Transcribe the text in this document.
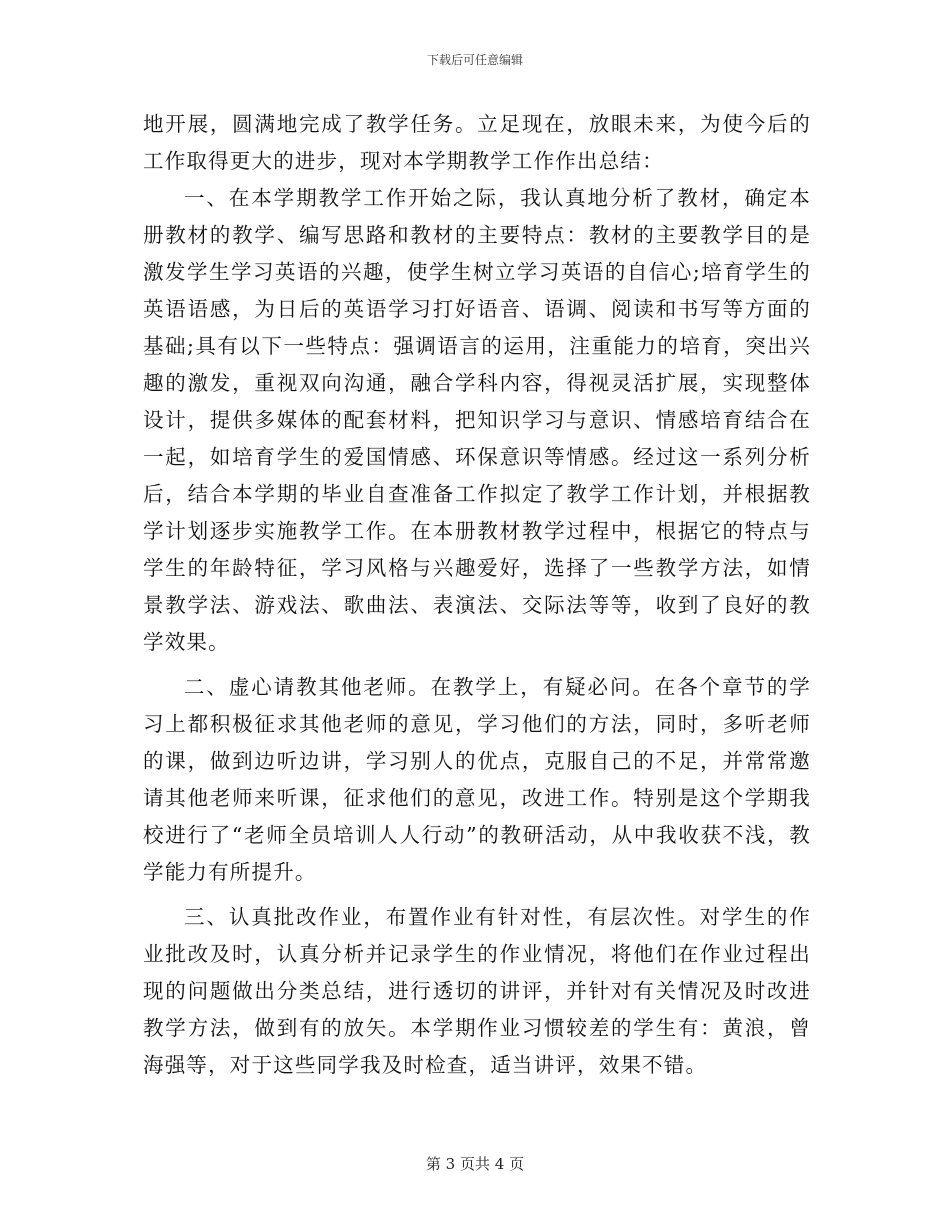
下载后可任意编辑

地开展，圆满地完成了教学任务。立足现在，放眼未来，为使今后的工作取得更大的进步，现对本学期教学工作作出总结：

一、在本学期教学工作开始之际，我认真地分析了教材，确定本册教材的教学、编写思路和教材的主要特点：教材的主要教学目的是激发学生学习英语的兴趣，使学生树立学习英语的自信心;培育学生的英语语感，为日后的英语学习打好语音、语调、阅读和书写等方面的基础;具有以下一些特点：强调语言的运用，注重能力的培育，突出兴趣的激发，重视双向沟通，融合学科内容，得视灵活扩展，实现整体设计，提供多媒体的配套材料，把知识学习与意识、情感培育结合在一起，如培育学生的爱国情感、环保意识等情感。经过这一系列分析后，结合本学期的毕业自查准备工作拟定了教学工作计划，并根据教学计划逐步实施教学工作。在本册教材教学过程中，根据它的特点与学生的年龄特征，学习风格与兴趣爱好，选择了一些教学方法，如情景教学法、游戏法、歌曲法、表演法、交际法等等，收到了良好的教学效果。

二、虚心请教其他老师。在教学上，有疑必问。在各个章节的学习上都积极征求其他老师的意见，学习他们的方法，同时，多听老师的课，做到边听边讲，学习别人的优点，克服自己的不足，并常常邀请其他老师来听课，征求他们的意见，改进工作。特别是这个学期我校进行了“老师全员培训人人行动”的教研活动，从中我收获不浅，教学能力有所提升。

三、认真批改作业，布置作业有针对性，有层次性。对学生的作业批改及时，认真分析并记录学生的作业情况，将他们在作业过程出现的问题做出分类总结，进行透切的讲评，并针对有关情况及时改进教学方法，做到有的放矢。本学期作业习惯较差的学生有：黄浪，曾海强等，对于这些同学我及时检查，适当讲评，效果不错。

第 3 页共 4 页
